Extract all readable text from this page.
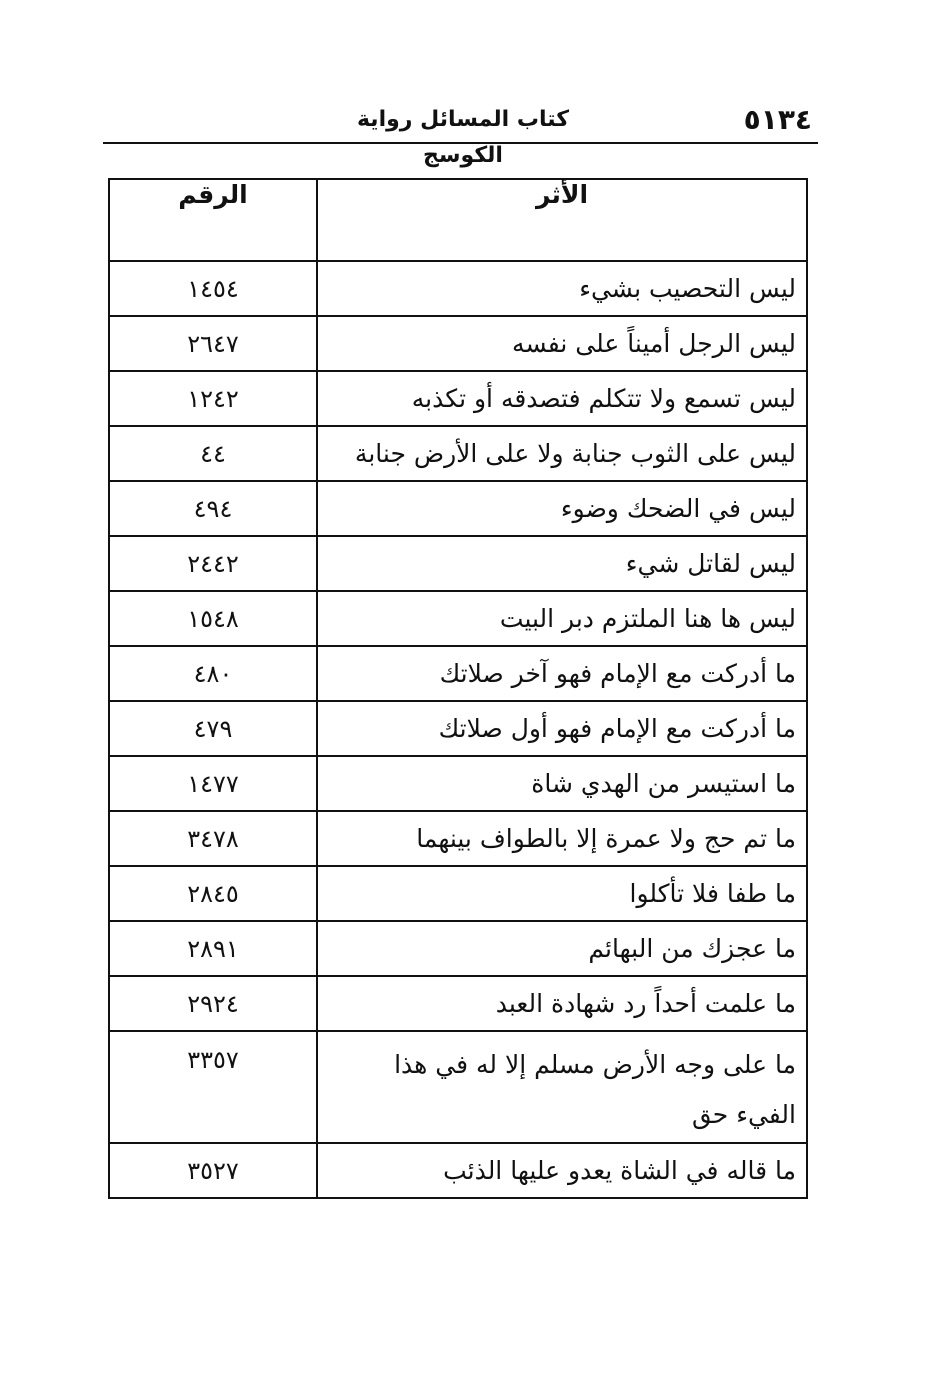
٥١٣٤
كتاب المسائل رواية الكوسج
الأثر	الرقم
ليس التحصيب بشيء	١٤٥٤
ليس الرجل أميناً على نفسه	٢٦٤٧
ليس تسمع ولا تتكلم فتصدقه أو تكذبه	١٢٤٢
ليس على الثوب جنابة ولا على الأرض جنابة	٤٤
ليس في الضحك وضوء	٤٩٤
ليس لقاتل شيء	٢٤٤٢
ليس ها هنا الملتزم دبر البيت	١٥٤٨
ما أدركت مع الإمام فهو آخر صلاتك	٤٨٠
ما أدركت مع الإمام فهو أول صلاتك	٤٧٩
ما استيسر من الهدي شاة	١٤٧٧
ما تم حج ولا عمرة إلا بالطواف بينهما	٣٤٧٨
ما طفا فلا تأكلوا	٢٨٤٥
ما عجزك من البهائم	٢٨٩١
ما علمت أحداً رد شهادة العبد	٢٩٢٤
ما على وجه الأرض مسلم إلا له في هذا الفيء حق	٣٣٥٧
ما قاله في الشاة يعدو عليها الذئب	٣٥٢٧
